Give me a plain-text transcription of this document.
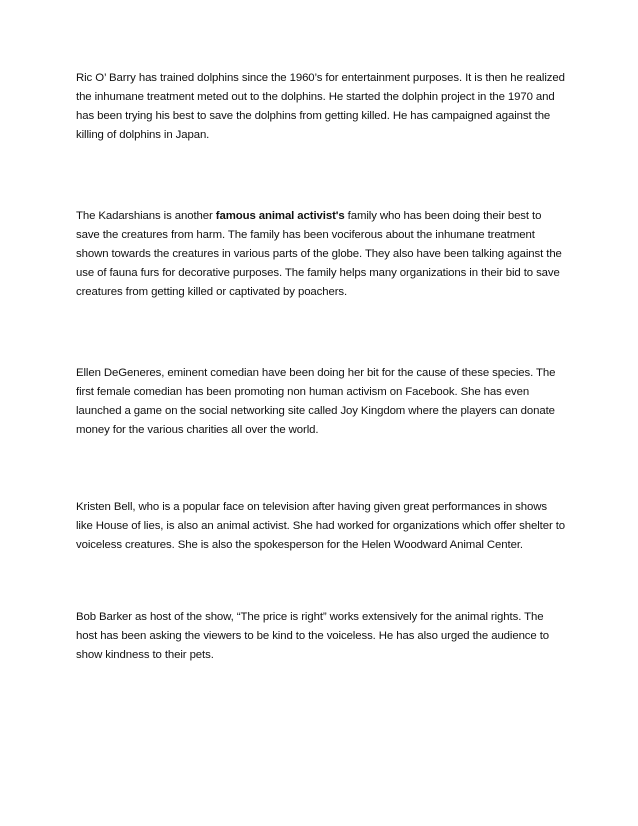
Ric O’ Barry has trained dolphins since the 1960’s for entertainment purposes. It is then he realized the inhumane treatment meted out to the dolphins. He started the dolphin project in the 1970 and has been trying his best to save the dolphins from getting killed. He has campaigned against the killing of dolphins in Japan.

The Kadarshians is another famous animal activist's family who has been doing their best to save the creatures from harm. The family has been vociferous about the inhumane treatment shown towards the creatures in various parts of the globe. They also have been talking against the use of fauna furs for decorative purposes. The family helps many organizations in their bid to save creatures from getting killed or captivated by poachers.

Ellen DeGeneres, eminent comedian have been doing her bit for the cause of these species. The first female comedian has been promoting non human activism on Facebook. She has even launched a game on the social networking site called Joy Kingdom where the players can donate money for the various charities all over the world.

Kristen Bell, who is a popular face on television after having given great performances in shows like House of lies, is also an animal activist. She had worked for organizations which offer shelter to voiceless creatures. She is also the spokesperson for the Helen Woodward Animal Center.

Bob Barker as host of the show, “The price is right” works extensively for the animal rights. The host has been asking the viewers to be kind to the voiceless. He has also urged the audience to show kindness to their pets.
